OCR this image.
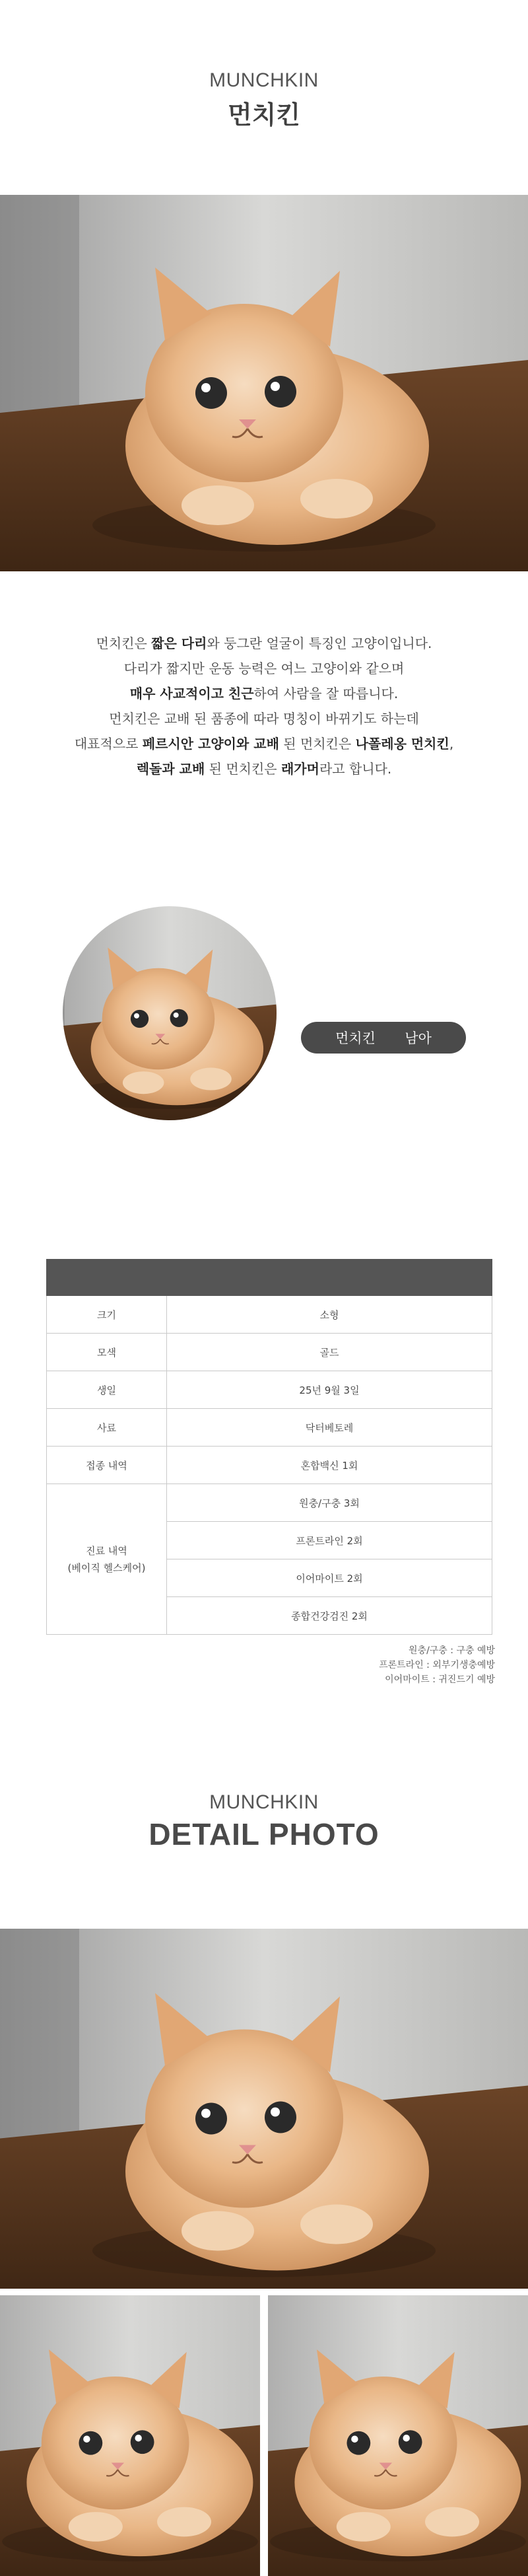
MUNCHKIN
먼치킨
먼치킨은 짧은 다리와 둥그란 얼굴이 특징인 고양이입니다.
다리가 짧지만 운동 능력은 여느 고양이와 같으며
매우 사교적이고 친근하여 사람을 잘 따릅니다.
먼치킨은 교배 된 품종에 따라 명칭이 바뀌기도 하는데
대표적으로 페르시안 고양이와 교배 된 먼치킨은 나폴레옹 먼치킨,
렉돌과 교배 된 먼치킨은 래가머라고 합니다.
먼치킨 남아

크기	소형
모색	골드
생일	25년 9월 3일
사료	닥터베토레
접종 내역	혼합백신 1회

진료 내역
(베이직 헬스케어)	원충/구충 3회
	프론트라인 2회
	이어마이트 2회
	종합건강검진 2회
원충/구충 : 구충 예방
프론트라인 : 외부기생충예방
이어마이트 : 귀진드기 예방
MUNCHKIN
DETAIL PHOTO
